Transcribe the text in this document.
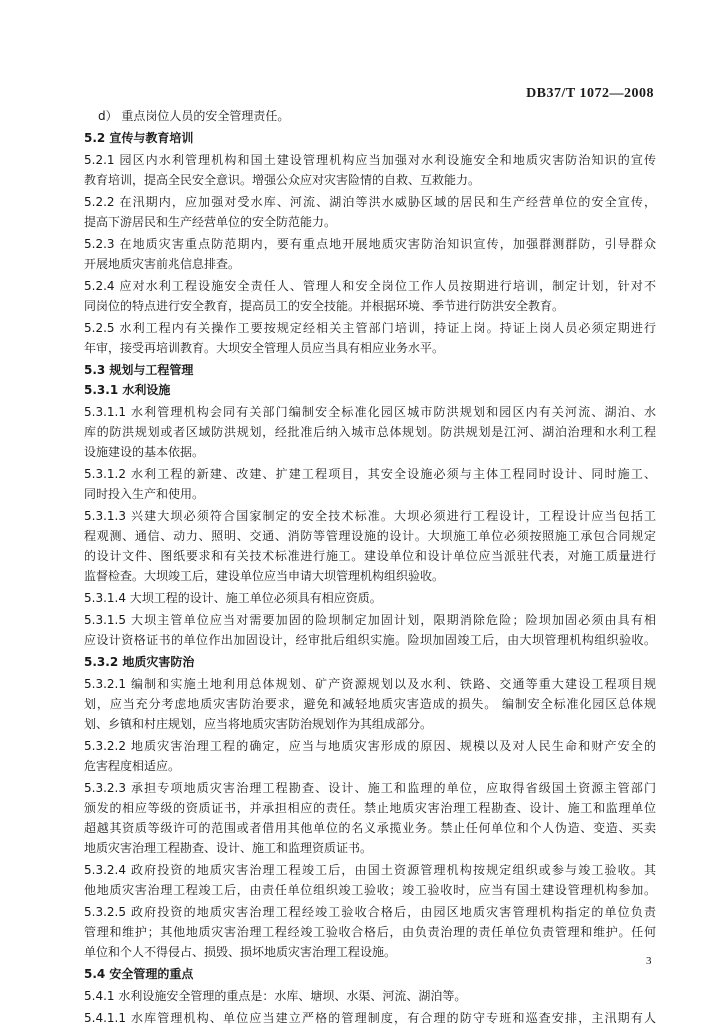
DB37/T 1072—2008
d） 重点岗位人员的安全管理责任。
5.2 宣传与教育培训
5.2.1 园区内水利管理机构和国土建设管理机构应当加强对水利设施安全和地质灾害防治知识的宣传
教育培训，提高全民安全意识。增强公众应对灾害险情的自救、互救能力。
5.2.2 在汛期内，应加强对受水库、河流、湖泊等洪水威胁区域的居民和生产经营单位的安全宣传，
提高下游居民和生产经营单位的安全防范能力。
5.2.3 在地质灾害重点防范期内，要有重点地开展地质灾害防治知识宣传，加强群测群防，引导群众
开展地质灾害前兆信息排查。
5.2.4 应对水利工程设施安全责任人、管理人和安全岗位工作人员按期进行培训，制定计划，针对不
同岗位的特点进行安全教育，提高员工的安全技能。并根据环境、季节进行防洪安全教育。
5.2.5 水利工程内有关操作工要按规定经相关主管部门培训，持证上岗。持证上岗人员必须定期进行
年审，接受再培训教育。大坝安全管理人员应当具有相应业务水平。
5.3 规划与工程管理
5.3.1 水利设施
5.3.1.1 水利管理机构会同有关部门编制安全标准化园区城市防洪规划和园区内有关河流、湖泊、水
库的防洪规划或者区域防洪规划，经批准后纳入城市总体规划。防洪规划是江河、湖泊治理和水利工程
设施建设的基本依据。
5.3.1.2 水利工程的新建、改建、扩建工程项目，其安全设施必须与主体工程同时设计、同时施工、
同时投入生产和使用。
5.3.1.3 兴建大坝必须符合国家制定的安全技术标准。大坝必须进行工程设计，工程设计应当包括工
程观测、通信、动力、照明、交通、消防等管理设施的设计。大坝施工单位必须按照施工承包合同规定
的设计文件、图纸要求和有关技术标准进行施工。建设单位和设计单位应当派驻代表，对施工质量进行
监督检查。大坝竣工后，建设单位应当申请大坝管理机构组织验收。
5.3.1.4 大坝工程的设计、施工单位必须具有相应资质。
5.3.1.5 大坝主管单位应当对需要加固的险坝制定加固计划，限期消除危险；险坝加固必须由具有相
应设计资格证书的单位作出加固设计，经审批后组织实施。险坝加固竣工后，由大坝管理机构组织验收。
5.3.2 地质灾害防治
5.3.2.1 编制和实施土地利用总体规划、矿产资源规划以及水利、铁路、交通等重大建设工程项目规
划，应当充分考虑地质灾害防治要求，避免和减轻地质灾害造成的损失。 编制安全标准化园区总体规
划、乡镇和村庄规划，应当将地质灾害防治规划作为其组成部分。
5.3.2.2 地质灾害治理工程的确定，应当与地质灾害形成的原因、规模以及对人民生命和财产安全的
危害程度相适应。
5.3.2.3 承担专项地质灾害治理工程勘查、设计、施工和监理的单位，应取得省级国土资源主管部门
颁发的相应等级的资质证书，并承担相应的责任。禁止地质灾害治理工程勘查、设计、施工和监理单位
超越其资质等级许可的范围或者借用其他单位的名义承揽业务。禁止任何单位和个人伪造、变造、买卖
地质灾害治理工程勘查、设计、施工和监理资质证书。
5.3.2.4 政府投资的地质灾害治理工程竣工后，由国土资源管理机构按规定组织或参与竣工验收。其
他地质灾害治理工程竣工后，由责任单位组织竣工验收；竣工验收时，应当有国土建设管理机构参加。
5.3.2.5 政府投资的地质灾害治理工程经竣工验收合格后，由园区地质灾害管理机构指定的单位负责
管理和维护；其他地质灾害治理工程经竣工验收合格后，由负责治理的责任单位负责管理和维护。任何
单位和个人不得侵占、损毁、损坏地质灾害治理工程设施。
5.4 安全管理的重点
5.4.1 水利设施安全管理的重点是：水库、塘坝、水渠、河流、湖泊等。
5.4.1.1 水库管理机构、单位应当建立严格的管理制度，有合理的防守专班和巡查安排，主汛期有人
3
